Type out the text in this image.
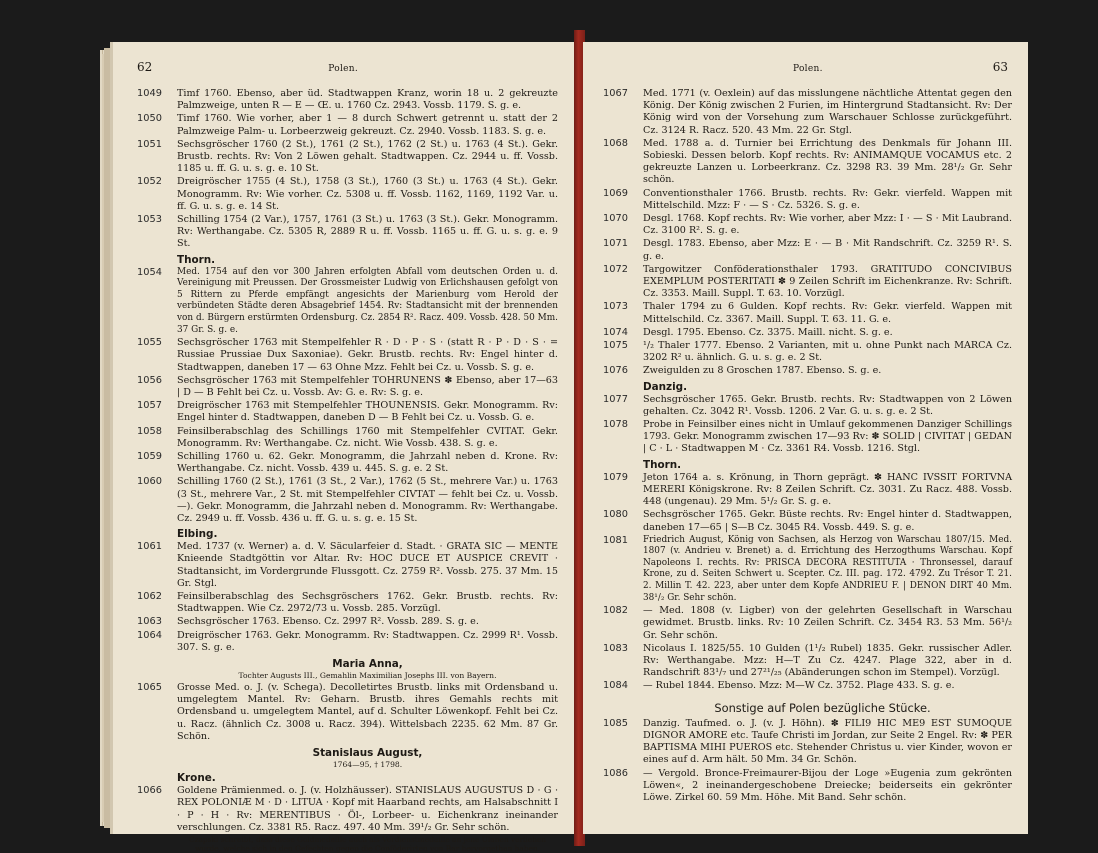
62	Polen.
1049 Timf 1760. Ebenso, aber üd. Stadtwappen Kranz, worin 18 u. 2 gekreuzte Palmzweige, unten R — E — Œ. u. 1760 Cz. 2943. Vossb. 1179. S. g. e.
1050 Timf 1760. Wie vorher, aber 1 — 8 durch Schwert getrennt u. statt der 2 Palmzweige Palm- u. Lorbeerzweig gekreuzt. Cz. 2940. Vossb. 1183. S. g. e.
1051 Sechsgröscher 1760 (2 St.), 1761 (2 St.), 1762 (2 St.) u. 1763 (4 St.). Gekr. Brustb. rechts. Rv: Von 2 Löwen gehalt. Stadtwappen. Cz. 2944 u. ff. Vossb. 1185 u. ff. G. u. s. g. e. 10 St.
1052 Dreigröscher 1755 (4 St.), 1758 (3 St.), 1760 (3 St.) u. 1763 (4 St.). Gekr. Monogramm. Rv: Wie vorher. Cz. 5308 u. ff. Vossb. 1162, 1169, 1192 Var. u. ff. G. u. s. g. e. 14 St.
1053 Schilling 1754 (2 Var.), 1757, 1761 (3 St.) u. 1763 (3 St.). Gekr. Monogramm. Rv: Werthangabe. Cz. 5305 R, 2889 R u. ff. Vossb. 1165 u. ff. G. u. s. g. e. 9 St.
Thorn.
1054 Med. 1754 auf den vor 300 Jahren erfolgten Abfall vom deutschen Orden u. d. Vereinigung mit Preussen. Der Grossmeister Ludwig von Erlichshausen gefolgt von 5 Rittern zu Pferde empfängt angesichts der Marienburg vom Herold der verbündeten Städte deren Absagebrief 1454. Rv: Stadtansicht mit der brennenden von d. Bürgern erstürmten Ordensburg. Cz. 2854 R². Racz. 409. Vossb. 428. 50 Mm. 37 Gr. S. g. e.
1055 Sechsgröscher 1763 mit Stempelfehler R · D · P · S · (statt R · P · D · S · = Russiae Prussiae Dux Saxoniae). Gekr. Brustb. rechts. Rv: Engel hinter d. Stadtwappen, daneben 17 — 63 Ohne Mzz. Fehlt bei Cz. u. Vossb. S. g. e.
1056 Sechsgröscher 1763 mit Stempelfehler TOHRUNENS ✽ Ebenso, aber 17—63 | D — B Fehlt bei Cz. u. Vossb. Av: G. e. Rv: S. g. e.
1057 Dreigröscher 1763 mit Stempelfehler THOUNENSIS. Gekr. Monogramm. Rv: Engel hinter d. Stadtwappen, daneben D — B Fehlt bei Cz. u. Vossb. G. e.
1058 Feinsilberabschlag des Schillings 1760 mit Stempelfehler CVITAT. Gekr. Monogramm. Rv: Werthangabe. Cz. nicht. Wie Vossb. 438. S. g. e.
1059 Schilling 1760 u. 62. Gekr. Monogramm, die Jahrzahl neben d. Krone. Rv: Werthangabe. Cz. nicht. Vossb. 439 u. 445. S. g. e. 2 St.
1060 Schilling 1760 (2 St.), 1761 (3 St., 2 Var.), 1762 (5 St., mehrere Var.) u. 1763 (3 St., mehrere Var., 2 St. mit Stempelfehler CIVTAT — fehlt bei Cz. u. Vossb. —). Gekr. Monogramm, die Jahrzahl neben d. Monogramm. Rv: Werthangabe. Cz. 2949 u. ff. Vossb. 436 u. ff. G. u. s. g. e. 15 St.
Elbing.
1061 Med. 1737 (v. Werner) a. d. V. Säcularfeier d. Stadt. · GRATA SIC — MENTE Knieende Stadtgöttin vor Altar. Rv: HOC DUCE ET AUSPICE CREVIT · Stadtansicht, im Vordergrunde Flussgott. Cz. 2759 R². Vossb. 275. 37 Mm. 15 Gr. Stgl.
1062 Feinsilberabschlag des Sechsgröschers 1762. Gekr. Brustb. rechts. Rv: Stadtwappen. Wie Cz. 2972/73 u. Vossb. 285. Vorzügl.
1063 Sechsgröscher 1763. Ebenso. Cz. 2997 R². Vossb. 289. S. g. e.
1064 Dreigröscher 1763. Gekr. Monogramm. Rv: Stadtwappen. Cz. 2999 R¹. Vossb. 307. S. g. e.
Maria Anna,
Tochter Augusts III., Gemahlin Maximilian Josephs III. von Bayern.
1065 Grosse Med. o. J. (v. Schega). Decolletirtes Brustb. links mit Ordensband u. umgelegtem Mantel. Rv: Geharn. Brustb. ihres Gemahls rechts mit Ordensband u. umgelegtem Mantel, auf d. Schulter Löwenkopf. Fehlt bei Cz. u. Racz. (ähnlich Cz. 3008 u. Racz. 394). Wittelsbach 2235. 62 Mm. 87 Gr. Schön.
Stanislaus August,
1764—95, † 1798.
Krone.
1066 Goldene Prämienmed. o. J. (v. Holzhäusser). STANISLAUS AUGUSTUS D · G · REX POLONIÆ M · D · LITUA · Kopf mit Haarband rechts, am Halsabschnitt I · P · H · Rv: MERENTIBUS · Öl-, Lorbeer- u. Eichenkranz ineinander verschlungen. Cz. 3381 R5. Racz. 497. 40 Mm. 39¹/₂ Gr. Sehr schön.
Czapski schreibt, dass diese Goldmedaille auch als Verdienstmedaille an jene Ulanen verliehen wurde, welche sich in den Gefechten gegen die Conföderirten von Bar hervorgethan haben.
Polen.	63
1067 Med. 1771 (v. Oexlein) auf das misslungene nächtliche Attentat gegen den König. Der König zwischen 2 Furien, im Hintergrund Stadtansicht. Rv: Der König wird von der Vorsehung zum Warschauer Schlosse zurückgeführt. Cz. 3124 R. Racz. 520. 43 Mm. 22 Gr. Stgl.
1068 Med. 1788 a. d. Turnier bei Errichtung des Denkmals für Johann III. Sobieski. Dessen belorb. Kopf rechts. Rv: ANIMAMQUE VOCAMUS etc. 2 gekreuzte Lanzen u. Lorbeerkranz. Cz. 3298 R3. 39 Mm. 28¹/₂ Gr. Sehr schön.
1069 Conventionsthaler 1766. Brustb. rechts. Rv: Gekr. vierfeld. Wappen mit Mittelschild. Mzz: F · — S · Cz. 5326. S. g. e.
1070 Desgl. 1768. Kopf rechts. Rv: Wie vorher, aber Mzz: I · — S · Mit Laubrand. Cz. 3100 R². S. g. e.
1071 Desgl. 1783. Ebenso, aber Mzz: E · — B · Mit Randschrift. Cz. 3259 R¹. S. g. e.
1072 Targowitzer Conföderationsthaler 1793. GRATITUDO CONCIVIBUS EXEMPLUM POSTERITATI ✽ 9 Zeilen Schrift im Eichenkranze. Rv: Schrift. Cz. 3353. Maill. Suppl. T. 63. 10. Vorzügl.
1073 Thaler 1794 zu 6 Gulden. Kopf rechts. Rv: Gekr. vierfeld. Wappen mit Mittelschild. Cz. 3367. Maill. Suppl. T. 63. 11. G. e.
1074 Desgl. 1795. Ebenso. Cz. 3375. Maill. nicht. S. g. e.
1075 ¹/₂ Thaler 1777. Ebenso. 2 Varianten, mit u. ohne Punkt nach MARCA Cz. 3202 R² u. ähnlich. G. u. s. g. e. 2 St.
1076 Zweigulden zu 8 Groschen 1787. Ebenso. S. g. e.
Danzig.
1077 Sechsgröscher 1765. Gekr. Brustb. rechts. Rv: Stadtwappen von 2 Löwen gehalten. Cz. 3042 R¹. Vossb. 1206. 2 Var. G. u. s. g. e. 2 St.
1078 Probe in Feinsilber eines nicht in Umlauf gekommenen Danziger Schillings 1793. Gekr. Monogramm zwischen 17—93 Rv: ✽ SOLID | CIVITAT | GEDAN | C · L · Stadtwappen M · Cz. 3361 R4. Vossb. 1216. Stgl.
Thorn.
1079 Jeton 1764 a. s. Krönung, in Thorn geprägt. ✽ HANC IVSSIT FORTVNA MERERI Königskrone. Rv: 8 Zeilen Schrift. Cz. 3031. Zu Racz. 488. Vossb. 448 (ungenau). 29 Mm. 5¹/₂ Gr. S. g. e.
1080 Sechsgröscher 1765. Gekr. Büste rechts. Rv: Engel hinter d. Stadtwappen, daneben 17—65 | S—B Cz. 3045 R4. Vossb. 449. S. g. e.
1081 Friedrich August, König von Sachsen, als Herzog von Warschau 1807/15. Med. 1807 (v. Andrieu v. Brenet) a. d. Errichtung des Herzogthums Warschau. Kopf Napoleons I. rechts. Rv: PRISCA DECORA RESTITUTA · Thronsessel, darauf Krone, zu d. Seiten Schwert u. Scepter. Cz. III. pag. 172. 4792. Zu Trésor T. 21. 2. Millin T. 42. 223, aber unter dem Kopfe ANDRIEU F. | DENON DIRT 40 Mm. 38¹/₂ Gr. Sehr schön.
1082 — Med. 1808 (v. Ligber) von der gelehrten Gesellschaft in Warschau gewidmet. Brustb. links. Rv: 10 Zeilen Schrift. Cz. 3454 R3. 53 Mm. 56¹/₂ Gr. Sehr schön.
1083 Nicolaus I. 1825/55. 10 Gulden (1¹/₂ Rubel) 1835. Gekr. russischer Adler. Rv: Werthangabe. Mzz: H—T Zu Cz. 4247. Plage 322, aber in d. Randschrift 83¹/₇ und 27²¹/₂₅ (Abänderungen schon im Stempel). Vorzügl.
1084 — Rubel 1844. Ebenso. Mzz: M—W Cz. 3752. Plage 433. S. g. e.
Sonstige auf Polen bezügliche Stücke.
1085 Danzig. Taufmed. o. J. (v. J. Höhn). ✽ FILI9 HIC ME9 EST SUMOQUE DIGNOR AMORE etc. Taufe Christi im Jordan, zur Seite 2 Engel. Rv: ✽ PER BAPTISMA MIHI PUEROS etc. Stehender Christus u. vier Kinder, wovon er eines auf d. Arm hält. 50 Mm. 34 Gr. Schön.
1086 — Vergold. Bronce-Freimaurer-Bijou der Loge »Eugenia zum gekrönten Löwen«, 2 ineinandergeschobene Dreiecke; beiderseits ein gekrönter Löwe. Zirkel 60. 59 Mm. Höhe. Mit Band. Sehr schön.
